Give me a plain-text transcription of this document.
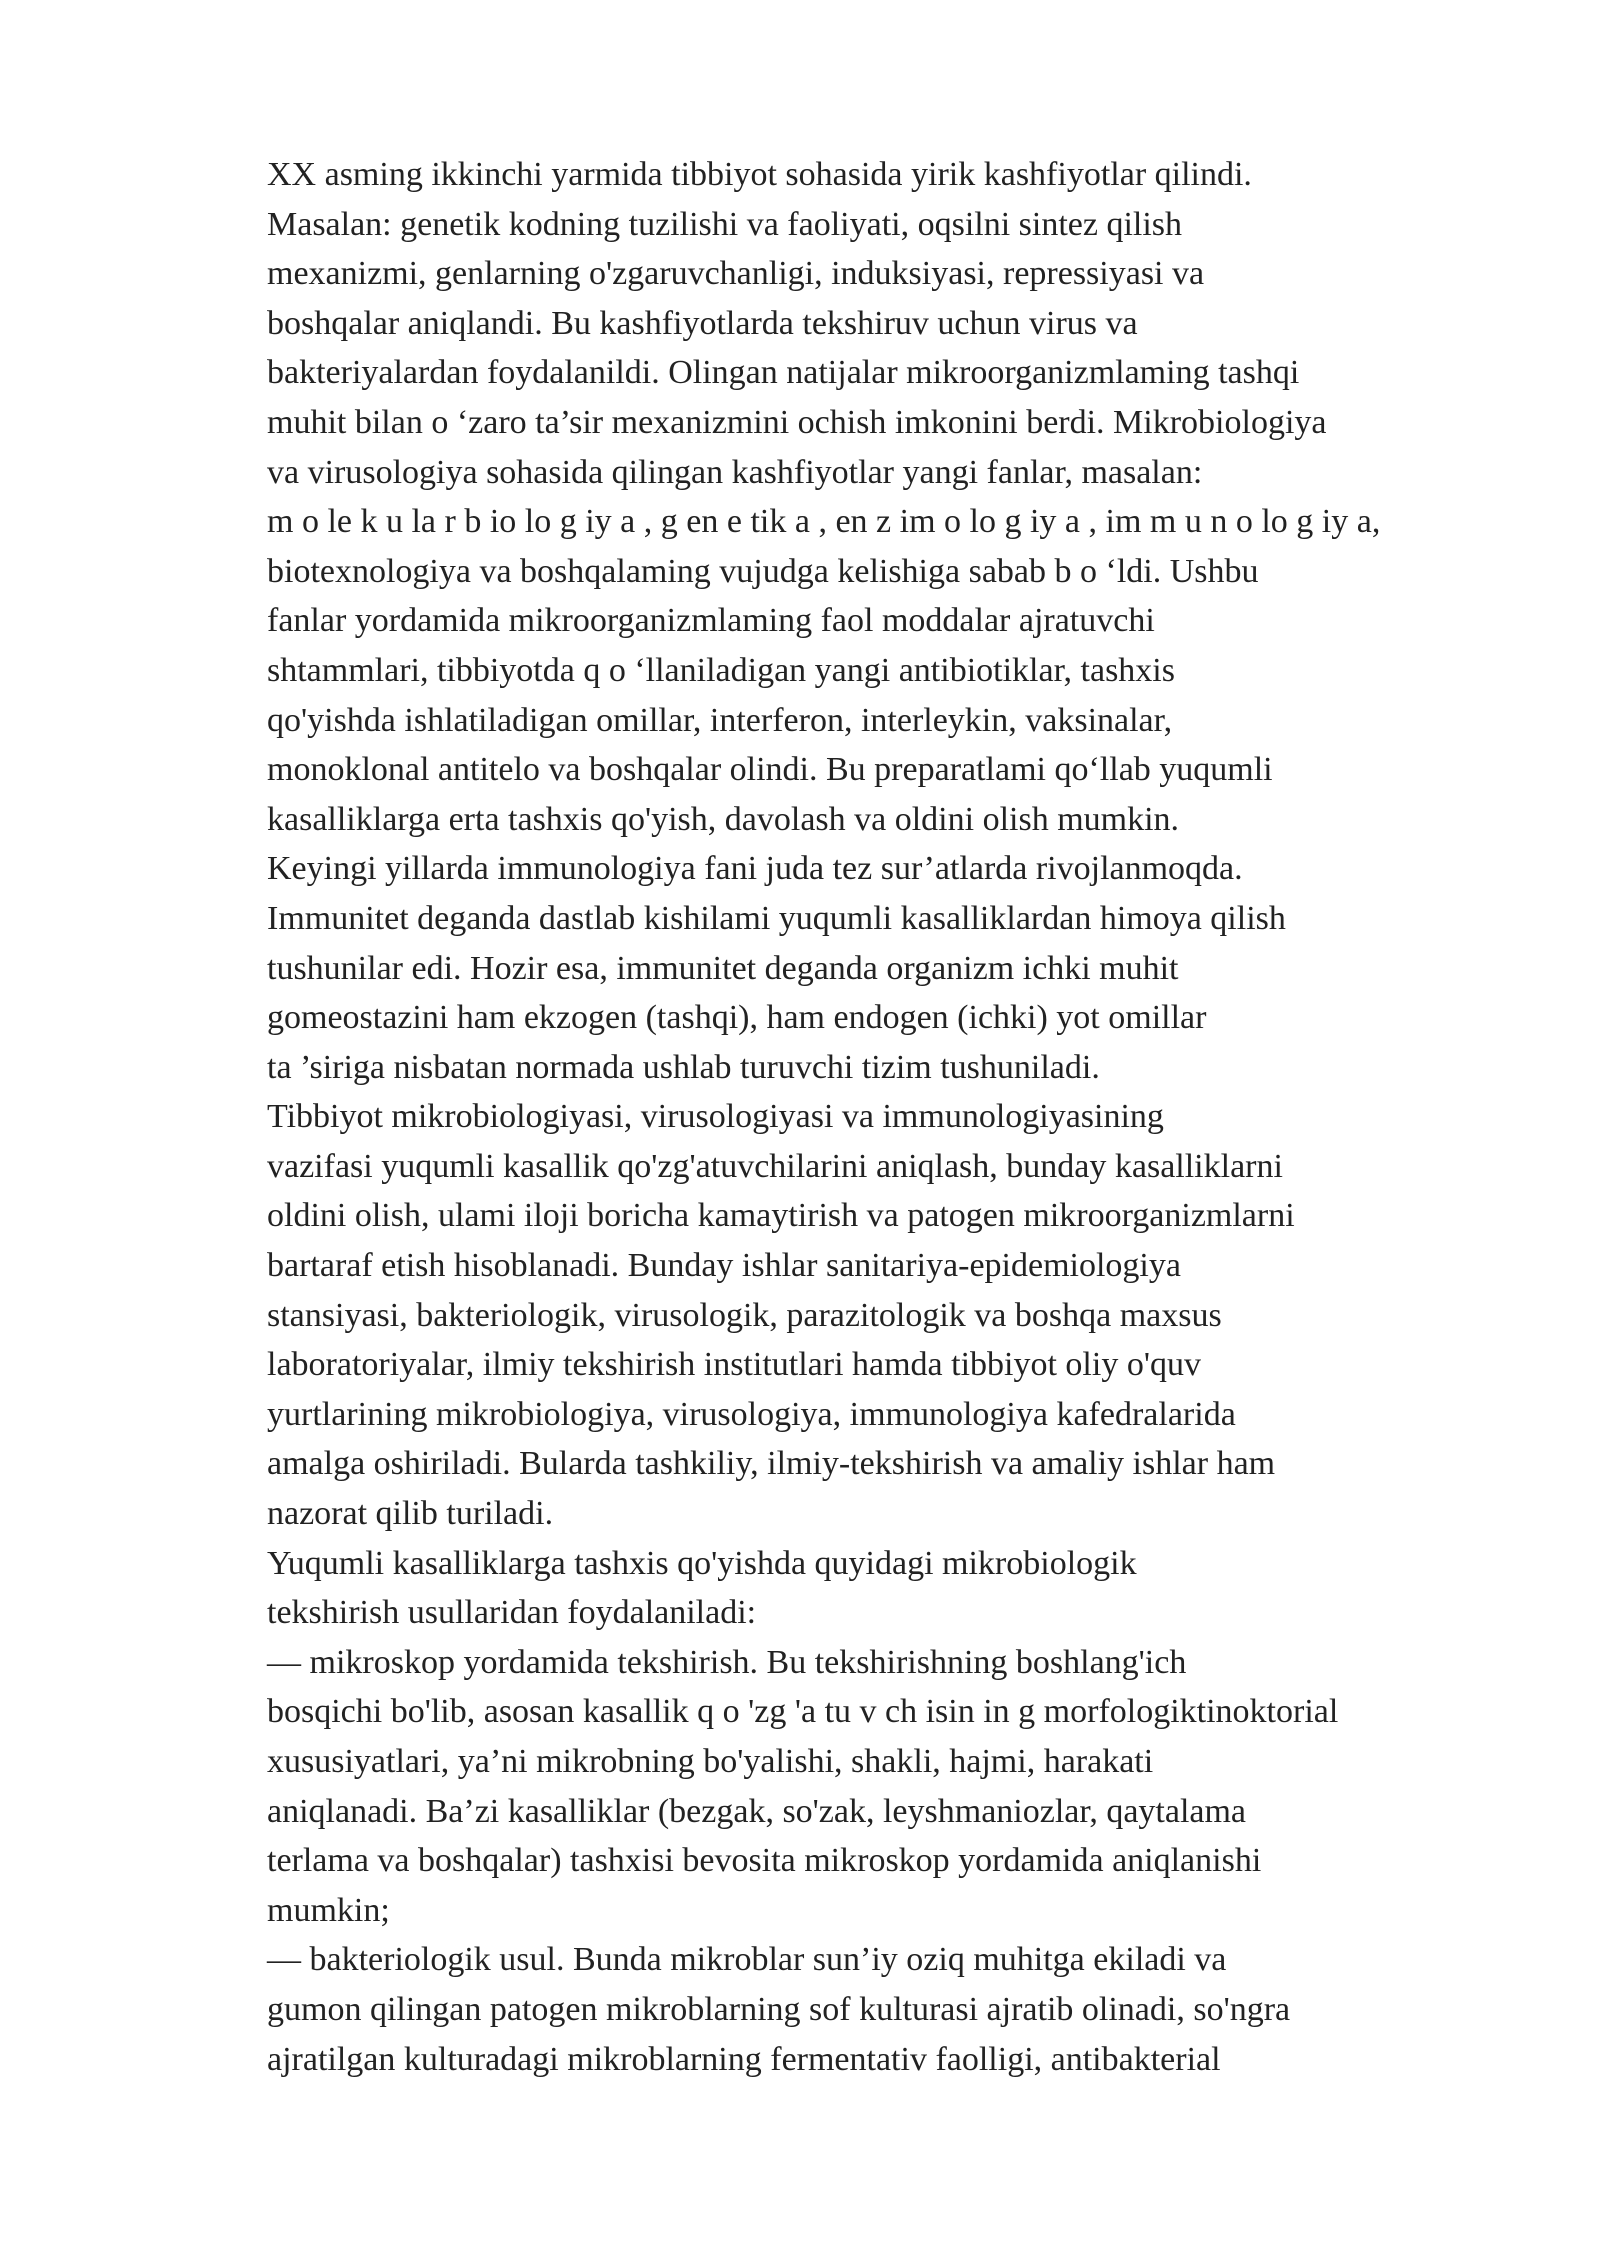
XX asming ikkinchi yarmida tibbiyot sohasida yirik kashfiyotlar qilindi.
Masalan: genetik kodning tuzilishi va faoliyati, oqsilni sintez qilish
mexanizmi, genlarning o'zgaruvchanligi, induksiyasi, repressiyasi va
boshqalar aniqlandi. Bu kashfiyotlarda tekshiruv uchun virus va
bakteriyalardan foydalanildi. Olingan natijalar mikroorganizmlaming tashqi
muhit bilan o ‘zaro ta’sir mexanizmini ochish imkonini berdi. Mikrobiologiya
va virusologiya sohasida qilingan kashfiyotlar yangi fanlar, masalan:
m o le k u la r b io lo g iy a , g en e tik a , en z im o lo g iy a , im m u n o lo g iy a,
biotexnologiya va boshqalaming vujudga kelishiga sabab b o ‘ldi. Ushbu
fanlar yordamida mikroorganizmlaming faol moddalar ajratuvchi
shtammlari, tibbiyotda q o ‘llaniladigan yangi antibiotiklar, tashxis
qo'yishda ishlatiladigan omillar, interferon, interleykin, vaksinalar,
monoklonal antitelo va boshqalar olindi. Bu preparatlami qo‘llab yuqumli
kasalliklarga erta tashxis qo'yish, davolash va oldini olish mumkin.
Keyingi yillarda immunologiya fani juda tez sur’atlarda rivojlanmoqda.
Immunitet deganda dastlab kishilami yuqumli kasalliklardan himoya qilish
tushunilar edi. Hozir esa, immunitet deganda organizm ichki muhit
gomeostazini ham ekzogen (tashqi), ham endogen (ichki) yot omillar
ta ’siriga nisbatan normada ushlab turuvchi tizim tushuniladi.
Tibbiyot mikrobiologiyasi, virusologiyasi va immunologiyasining
vazifasi yuqumli kasallik qo'zg'atuvchilarini aniqlash, bunday kasalliklarni
oldini olish, ulami iloji boricha kamaytirish va patogen mikroorganizmlarni
bartaraf etish hisoblanadi. Bunday ishlar sanitariya-epidemiologiya
stansiyasi, bakteriologik, virusologik, parazitologik va boshqa maxsus
laboratoriyalar, ilmiy tekshirish institutlari hamda tibbiyot oliy o'quv
yurtlarining mikrobiologiya, virusologiya, immunologiya kafedralarida
amalga oshiriladi. Bularda tashkiliy, ilmiy-tekshirish va amaliy ishlar ham
nazorat qilib turiladi.
Yuqumli kasalliklarga tashxis qo'yishda quyidagi mikrobiologik
tekshirish usullaridan foydalaniladi:
— mikroskop yordamida tekshirish. Bu tekshirishning boshlang'ich
bosqichi bo'lib, asosan kasallik q o 'zg 'a tu v ch isin in g morfologiktinoktorial
xususiyatlari, ya’ni mikrobning bo'yalishi, shakli, hajmi, harakati
aniqlanadi. Ba’zi kasalliklar (bezgak, so'zak, leyshmaniozlar, qaytalama
terlama va boshqalar) tashxisi bevosita mikroskop yordamida aniqlanishi
mumkin;
— bakteriologik usul. Bunda mikroblar sun’iy oziq muhitga ekiladi va
gumon qilingan patogen mikroblarning sof kulturasi ajratib olinadi, so'ngra
ajratilgan kulturadagi mikroblarning fermentativ faolligi, antibakterial
